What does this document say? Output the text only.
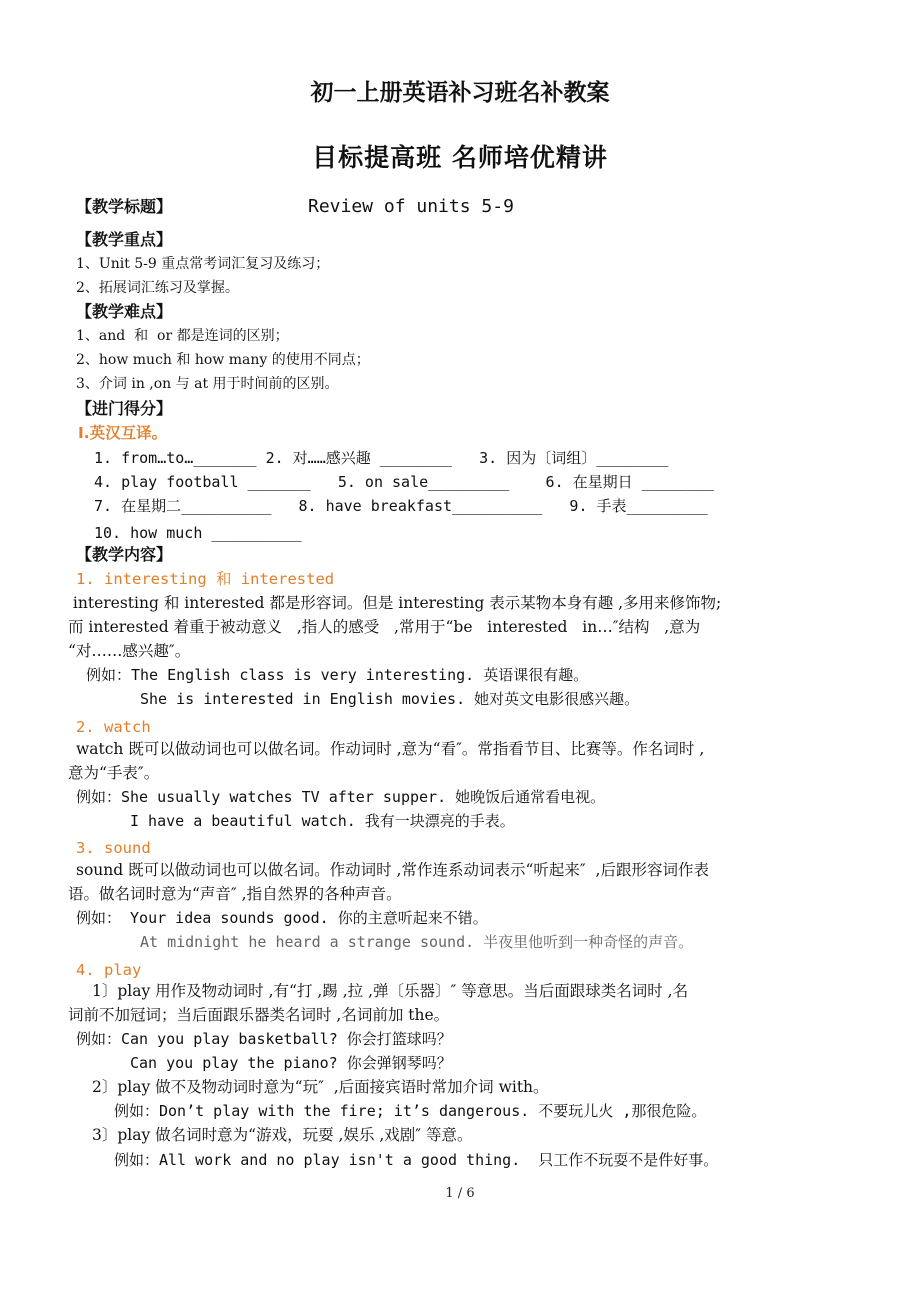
初一上册英语补习班名补教案
目标提高班 名师培优精讲
【教学标题】	Review of units 5-9
【教学重点】
1、Unit 5-9 重点常考词汇复习及练习；
2、拓展词汇练习及掌握。
【教学难点】
1、and  和  or 都是连词的区别；
2、how much 和 how many 的使用不同点；
3、介词 in ,on 与 at 用于时间前的区别。
【进门得分】
I.英汉互译。
1. from…to…_______ 2. 对……感兴趣 ________   3. 因为〔词组〕________
4. play football _______   5. on sale_________    6. 在星期日 ________
7. 在星期二__________   8. have breakfast__________   9. 手表_________
10. how much __________
【教学内容】
1. interesting 和 interested
interesting 和 interested 都是形容词。但是 interesting 表示某物本身有趣 ,多用来修饰物;
而 interested 着重于被动意义   ,指人的感受   ,常用于“be   interested   in…″结构   ,意为
“对……感兴趣″。
例如：The English class is very interesting. 英语课很有趣。
She is interested in English movies. 她对英文电影很感兴趣。
2. watch
watch 既可以做动词也可以做名词。作动词时 ,意为“看″。常指看节目、比赛等。作名词时 ,
意为“手表″。
例如：She usually watches TV after supper. 她晚饭后通常看电视。
I have a beautiful watch. 我有一块漂亮的手表。
3. sound
sound 既可以做动词也可以做名词。作动词时 ,常作连系动词表示“听起来″  ,后跟形容词作表
语。做名词时意为“声音″ ,指自然界的各种声音。
例如： Your idea sounds good. 你的主意听起来不错。
At midnight he heard a strange sound. 半夜里他听到一种奇怪的声音。
4. play
1〕play 用作及物动词时 ,有“打 ,踢 ,拉 ,弹〔乐器〕″ 等意思。当后面跟球类名词时 ,名
词前不加冠词；当后面跟乐器类名词时 ,名词前加 the。
例如：Can you play basketball? 你会打篮球吗？
Can you play the piano? 你会弹钢琴吗？
2〕play 做不及物动词时意为“玩″  ,后面接宾语时常加介词 with。
例如：Don’t play with the fire; it’s dangerous. 不要玩儿火 ,那很危险。
3〕play 做名词时意为“游戏，玩耍 ,娱乐 ,戏剧″ 等意。
例如：All work and no play isn't a good thing.  只工作不玩耍不是件好事。
1 / 6
